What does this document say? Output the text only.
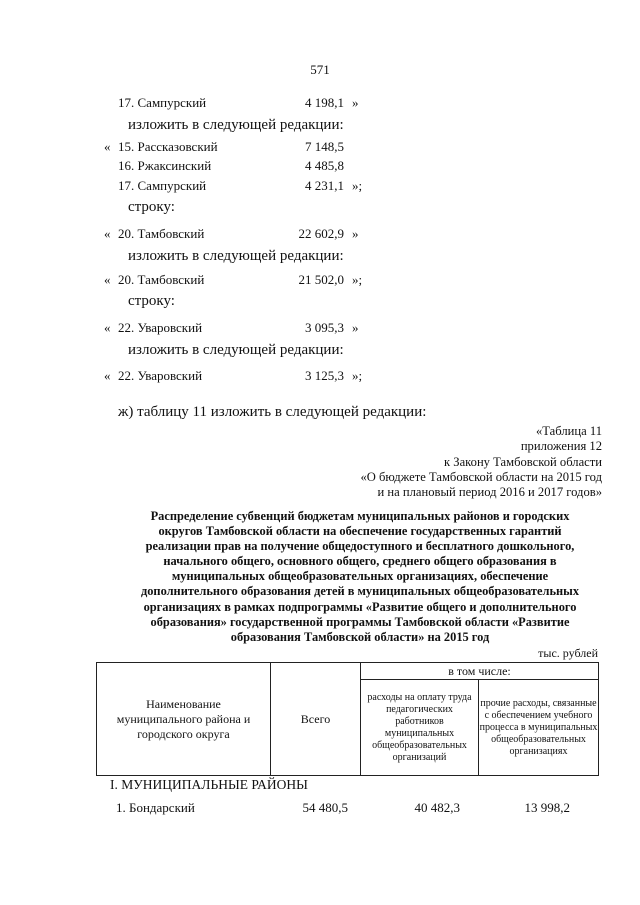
571
17. Сампурский	4 198,1 »
изложить в следующей редакции:
« 15. Рассказовский	7 148,5
16. Ржаксинский	4 485,8
17. Сампурский	4 231,1 »;
строку:
« 20. Тамбовский	22 602,9 »
изложить в следующей редакции:
« 20. Тамбовский	21 502,0 »;
строку:
« 22. Уваровский	3 095,3 »
изложить в следующей редакции:
« 22. Уваровский	3 125,3 »;
ж) таблицу 11 изложить в следующей редакции:
«Таблица 11
приложения 12
к Закону Тамбовской области
«О бюджете Тамбовской области на 2015 год
и на плановый период 2016 и 2017 годов»
Распределение субвенций бюджетам муниципальных районов и городских
округов Тамбовской области на обеспечение государственных гарантий
реализации прав на получение общедоступного и бесплатного дошкольного,
начального общего, основного общего, среднего общего образования в
муниципальных общеобразовательных организациях, обеспечение
дополнительного образования детей в муниципальных общеобразовательных
организациях в рамках подпрограммы «Развитие общего и дополнительного
образования» государственной программы Тамбовской области «Развитие
образования Тамбовской области» на 2015 год
тыс. рублей
Наименование муниципального района и городского округа	Всего	в том числе:	
		расходы на оплату труда педагогических работников муниципальных общеобразовательных организаций	прочие расходы, связанные с обеспечением учебного процесса в муниципальных общеобразовательных организациях
I. МУНИЦИПАЛЬНЫЕ РАЙОНЫ
1. Бондарский	54 480,5	40 482,3	13 998,2
